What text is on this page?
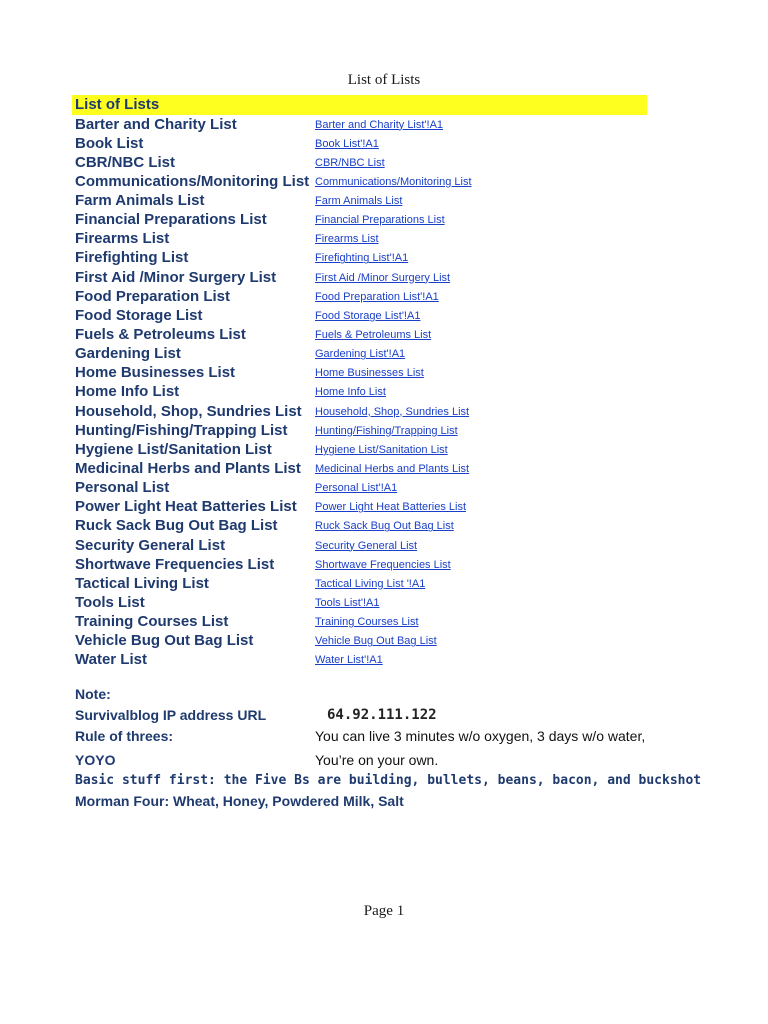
List of Lists
List of Lists
Barter and Charity List	Barter and Charity List'!A1
Book List	Book List'!A1
CBR/NBC List	CBR/NBC List
Communications/Monitoring List Communications/Monitoring List
Farm Animals List	Farm Animals List
Financial Preparations List	Financial Preparations List
Firearms List	Firearms List
Firefighting List	Firefighting List'!A1
First Aid /Minor Surgery List	First Aid /Minor Surgery List
Food Preparation List	Food Preparation List'!A1
Food Storage List	Food Storage List'!A1
Fuels & Petroleums List	Fuels & Petroleums List
Gardening List	Gardening List'!A1
Home Businesses List	Home Businesses List
Home Info List	Home Info List
Household, Shop, Sundries List Household, Shop, Sundries List
Hunting/Fishing/Trapping List	Hunting/Fishing/Trapping List
Hygiene List/Sanitation List	Hygiene List/Sanitation List
Medicinal Herbs and Plants List Medicinal Herbs and Plants List
Personal List	Personal List'!A1
Power Light Heat Batteries List Power Light Heat Batteries List
Ruck Sack Bug Out Bag List	Ruck Sack Bug Out Bag List
Security General List	Security General List
Shortwave Frequencies List	Shortwave Frequencies List
Tactical Living List	Tactical Living List '!A1
Tools List	Tools List'!A1
Training Courses List	Training Courses List
Vehicle Bug Out Bag List	Vehicle Bug Out Bag List
Water List	Water List'!A1
Note:
Survivalblog IP address URL	64.92.111.122
Rule of threes:	You can live 3 minutes w/o oxygen, 3 days w/o water,
YOYO	You’re on your own.
Basic stuff first: the Five Bs are building, bullets, beans, bacon, and buckshot
Morman Four: Wheat, Honey, Powdered Milk, Salt
Page 1
